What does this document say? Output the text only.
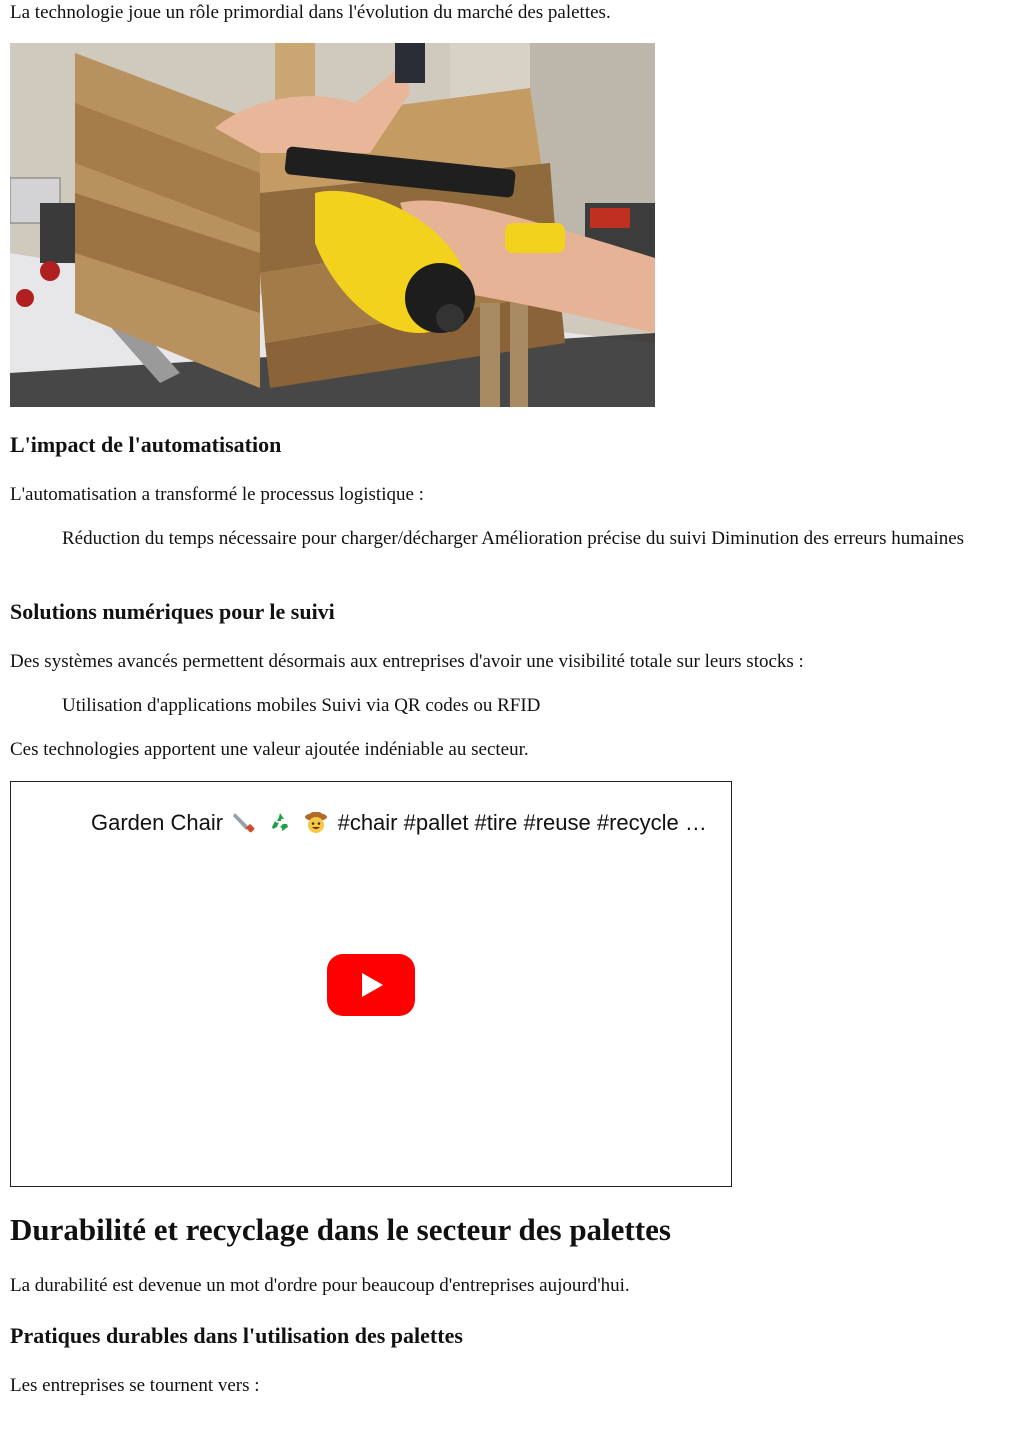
La technologie joue un rôle primordial dans l'évolution du marché des palettes.

L'impact de l'automatisation

L'automatisation a transformé le processus logistique :

Réduction du temps nécessaire pour charger/décharger Amélioration précise du suivi Diminution des erreurs humaines
Solutions numériques pour le suivi

Des systèmes avancés permettent désormais aux entreprises d'avoir une visibilité totale sur leurs stocks :

Utilisation d'applications mobiles Suivi via QR codes ou RFID

Ces technologies apportent une valeur ajoutée indéniable au secteur.

Garden Chair	#chair #pallet #tire #reuse #recycle …
Durabilité et recyclage dans le secteur des palettes

La durabilité est devenue un mot d'ordre pour beaucoup d'entreprises aujourd'hui.

Pratiques durables dans l'utilisation des palettes

Les entreprises se tournent vers :
